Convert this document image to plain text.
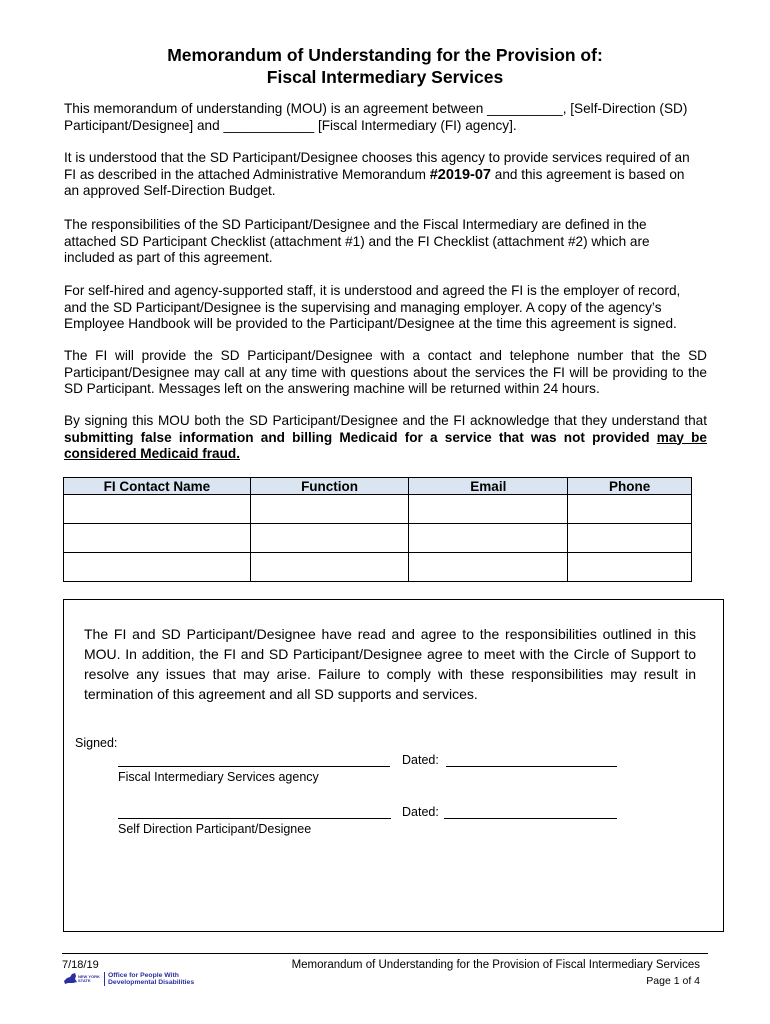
Memorandum of Understanding for the Provision of:
Fiscal Intermediary Services
This memorandum of understanding (MOU) is an agreement between __________, [Self-Direction (SD)
Participant/Designee] and ____________ [Fiscal Intermediary (FI) agency].
It is understood that the SD Participant/Designee chooses this agency to provide services required of an
FI as described in the attached Administrative Memorandum #2019-07 and this agreement is based on
an approved Self-Direction Budget.
The responsibilities of the SD Participant/Designee and the Fiscal Intermediary are defined in the
attached SD Participant Checklist (attachment #1) and the FI Checklist (attachment #2) which are
included as part of this agreement.
For self-hired and agency-supported staff, it is understood and agreed the FI is the employer of record,
and the SD Participant/Designee is the supervising and managing employer. A copy of the agency’s
Employee Handbook will be provided to the Participant/Designee at the time this agreement is signed.
The FI will provide the SD Participant/Designee with a contact and telephone number that the SD Participant/Designee may call at any time with questions about the services the FI will be providing to the SD Participant. Messages left on the answering machine will be returned within 24 hours.
By signing this MOU both the SD Participant/Designee and the FI acknowledge that they understand that submitting false information and billing Medicaid for a service that was not provided may be considered Medicaid fraud.
FI Contact Name	Function	Email	Phone

The FI and SD Participant/Designee have read and agree to the responsibilities outlined in this MOU. In addition, the FI and SD Participant/Designee agree to meet with the Circle of Support to resolve any issues that may arise. Failure to comply with these responsibilities may result in termination of this agreement and all SD supports and services.
Signed:
Dated:
Fiscal Intermediary Services agency
Dated:
Self Direction Participant/Designee
7/18/19	Memorandum of Understanding for the Provision of Fiscal Intermediary Services
Page 1 of 4
NEW YORK STATE
Office for People With
Developmental Disabilities
